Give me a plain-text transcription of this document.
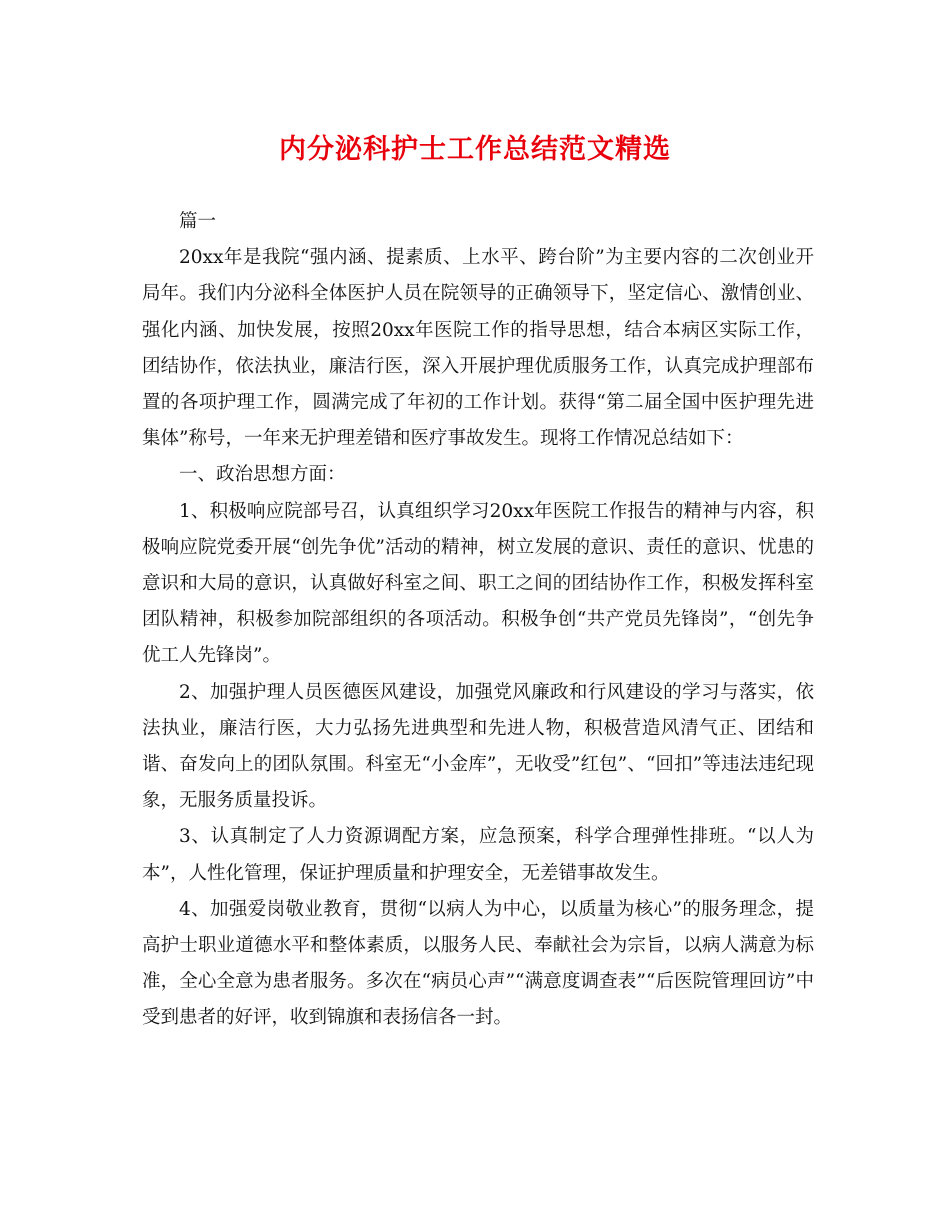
内分泌科护士工作总结范文精选

篇一

20xx年是我院“强内涵、提素质、上水平、跨台阶”为主要内容的二次创业开局年。我们内分泌科全体医护人员在院领导的正确领导下，坚定信心、激情创业、强化内涵、加快发展，按照20xx年医院工作的指导思想，结合本病区实际工作，团结协作，依法执业，廉洁行医，深入开展护理优质服务工作，认真完成护理部布置的各项护理工作，圆满完成了年初的工作计划。获得“第二届全国中医护理先进集体”称号，一年来无护理差错和医疗事故发生。现将工作情况总结如下：

一、政治思想方面：

1、积极响应院部号召，认真组织学习20xx年医院工作报告的精神与内容，积极响应院党委开展“创先争优”活动的精神，树立发展的意识、责任的意识、忧患的意识和大局的意识，认真做好科室之间、职工之间的团结协作工作，积极发挥科室团队精神，积极参加院部组织的各项活动。积极争创“共产党员先锋岗”，“创先争优工人先锋岗”。

2、加强护理人员医德医风建设，加强党风廉政和行风建设的学习与落实，依法执业，廉洁行医，大力弘扬先进典型和先进人物，积极营造风清气正、团结和谐、奋发向上的团队氛围。科室无“小金库”，无收受”红包”、“回扣”等违法违纪现象，无服务质量投诉。

3、认真制定了人力资源调配方案，应急预案，科学合理弹性排班。“以人为本”，人性化管理，保证护理质量和护理安全，无差错事故发生。

4、加强爱岗敬业教育，贯彻“以病人为中心，以质量为核心”的服务理念，提高护士职业道德水平和整体素质，以服务人民、奉献社会为宗旨，以病人满意为标准，全心全意为患者服务。多次在“病员心声”“满意度调查表”“后医院管理回访”中受到患者的好评，收到锦旗和表扬信各一封。
